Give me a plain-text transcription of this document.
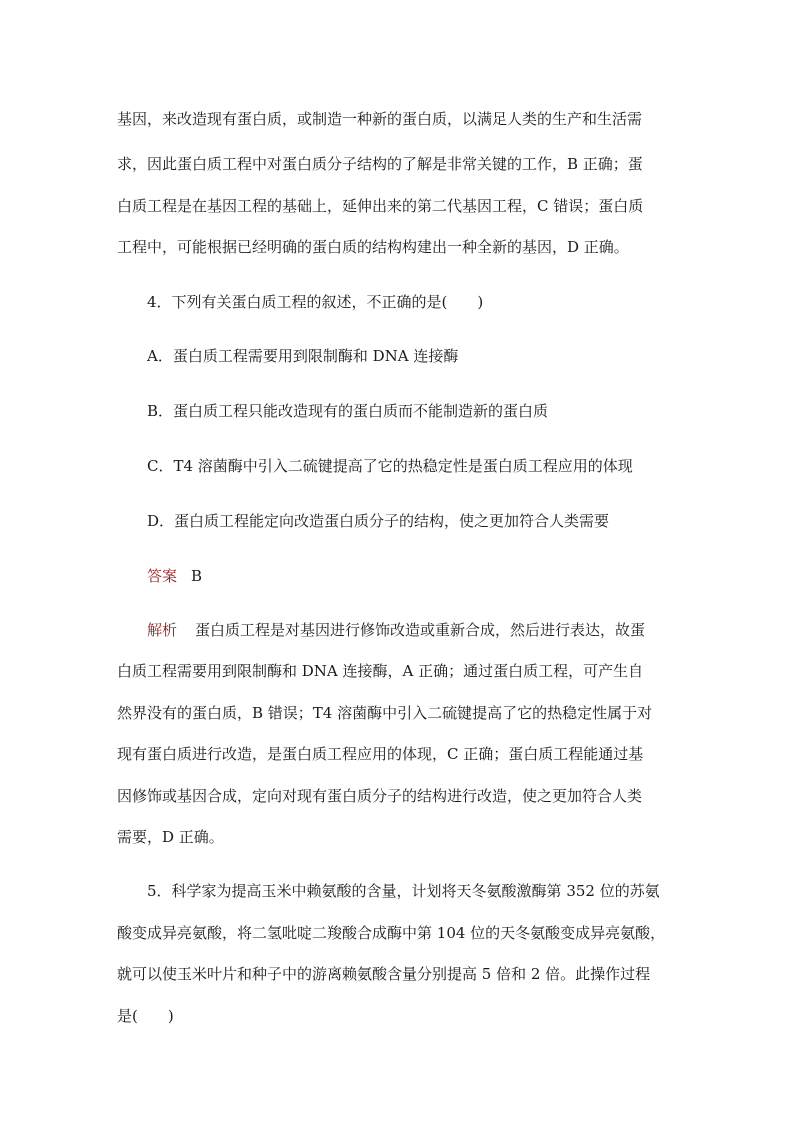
基因，来改造现有蛋白质，或制造一种新的蛋白质，以满足人类的生产和生活需
求，因此蛋白质工程中对蛋白质分子结构的了解是非常关键的工作，B 正确；蛋
白质工程是在基因工程的基础上，延伸出来的第二代基因工程，C 错误；蛋白质
工程中，可能根据已经明确的蛋白质的结构构建出一种全新的基因，D 正确。
4．下列有关蛋白质工程的叙述，不正确的是(　　)
A．蛋白质工程需要用到限制酶和 DNA 连接酶
B．蛋白质工程只能改造现有的蛋白质而不能制造新的蛋白质
C．T4 溶菌酶中引入二硫键提高了它的热稳定性是蛋白质工程应用的体现
D．蛋白质工程能定向改造蛋白质分子的结构，使之更加符合人类需要
答案 B
解析 蛋白质工程是对基因进行修饰改造或重新合成，然后进行表达，故蛋
白质工程需要用到限制酶和 DNA 连接酶，A 正确；通过蛋白质工程，可产生自
然界没有的蛋白质，B 错误；T4 溶菌酶中引入二硫键提高了它的热稳定性属于对
现有蛋白质进行改造，是蛋白质工程应用的体现，C 正确；蛋白质工程能通过基
因修饰或基因合成，定向对现有蛋白质分子的结构进行改造，使之更加符合人类
需要，D 正确。
5．科学家为提高玉米中赖氨酸的含量，计划将天冬氨酸激酶第 352 位的苏氨
酸变成异亮氨酸，将二氢吡啶二羧酸合成酶中第 104 位的天冬氨酸变成异亮氨酸，
就可以使玉米叶片和种子中的游离赖氨酸含量分别提高 5 倍和 2 倍。此操作过程
是(　　)
